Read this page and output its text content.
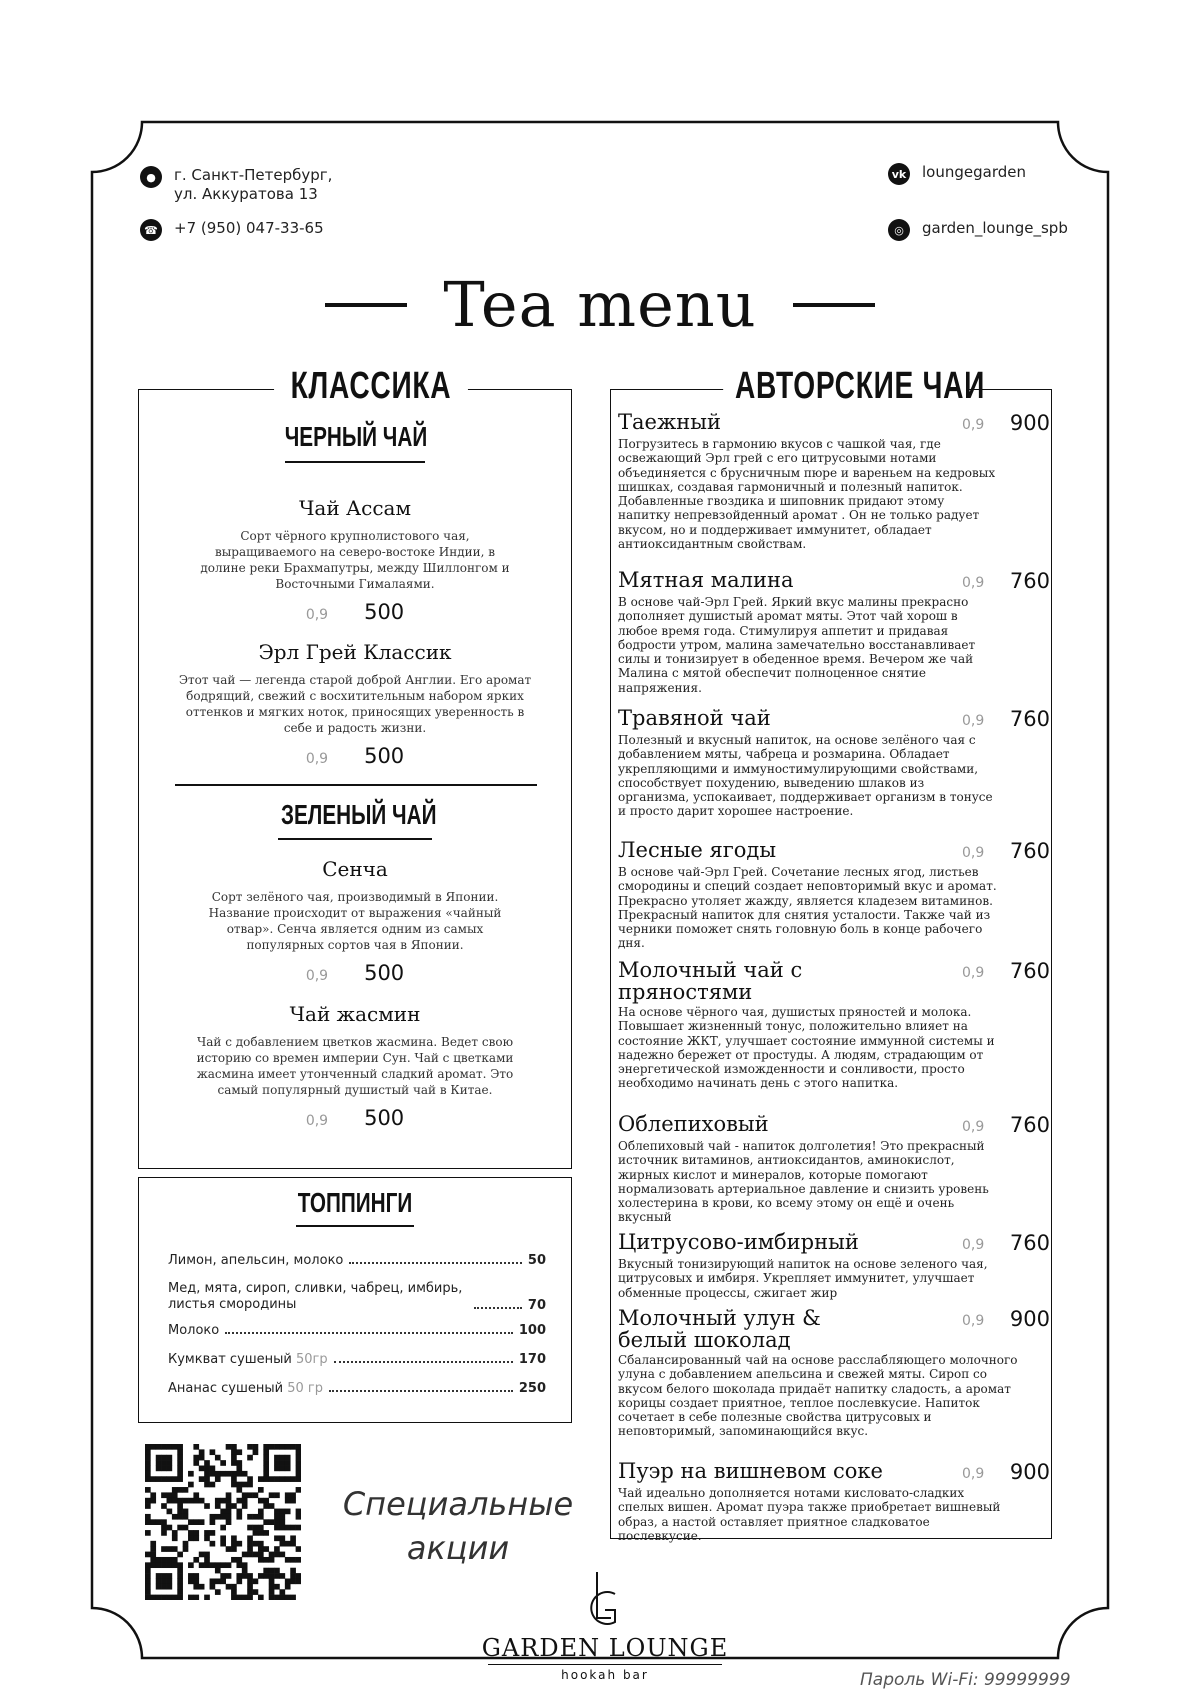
●	г. Санкт-Петербург,
ул. Аккуратова 13
☎ +7 (950) 047-33-65
vk loungegarden
◎	garden_lounge_spb
Tea menu
КЛАССИКА
ЧЕРНЫЙ ЧАЙ
Чай Ассам
Сорт чёрного крупнолистового чая, выращиваемого на северо-востоке Индии, в долине реки Брахмапутры, между Шиллонгом и Восточными Гималаями.
0,9 500
Эрл Грей Классик
Этот чай — легенда старой доброй Англии. Его аромат бодрящий, свежий с восхитительным набором ярких оттенков и мягких ноток, приносящих уверенность в себе и радость жизни.
0,9 500
ЗЕЛЕНЫЙ ЧАЙ
Сенча
Сорт зелёного чая, производимый в Японии. Название происходит от выражения «чайный отвар». Сенча является одним из самых популярных сортов чая в Японии.
0,9 500
Чай жасмин
Чай с добавлением цветков жасмина. Ведет свою историю со времен империи Сун. Чай с цветками жасмина имеет утонченный сладкий аромат. Это самый популярный душистый чай в Китае.
0,9 500
ТОППИНГИ
Лимон, апельсин, молоко	50
Мед, мята, сироп, сливки, чабрец, имбирь, листья смородины	70
Молоко	100
Кумкват сушеный 50гр	170
Ананас сушеный 50 гр	250
АВТОРСКИЕ ЧАИ
Таежный	0,9	900
Погрузитесь в гармонию вкусов с чашкой чая, где освежающий Эрл грей с его цитрусовыми нотами объединяется с брусничным пюре и вареньем на кедровых шишках, создавая гармоничный и полезный напиток. Добавленные гвоздика и шиповник придают этому напитку непревзойденный аромат . Он не только радует вкусом, но и поддерживает иммунитет, обладает антиоксидантным свойствам.
Мятная малина	0,9	760
В основе чай-Эрл Грей. Яркий вкус малины прекрасно дополняет душистый аромат мяты. Этот чай хорош в любое время года. Стимулируя аппетит и придавая бодрости утром, малина замечательно восстанавливает силы и тонизирует в обеденное время. Вечером же чай Малина с мятой обеспечит полноценное снятие напряжения.
Травяной чай	0,9	760
Полезный и вкусный напиток, на основе зелёного чая с добавлением мяты, чабреца и розмарина. Обладает укрепляющими и иммуностимулирующими свойствами, способствует похудению, выведению шлаков из организма, успокаивает, поддерживает организм в тонусе и просто дарит хорошее настроение.
Лесные ягоды	0,9	760
В основе чай-Эрл Грей. Сочетание лесных ягод, листьев смородины и специй создает неповторимый вкус и аромат. Прекрасно утоляет жажду, является кладезем витаминов. Прекрасный напиток для снятия усталости. Также чай из черники поможет снять головную боль в конце рабочего дня.
Молочный чай с пряностями
0,9	760
На основе чёрного чая, душистых пряностей и молока. Повышает жизненный тонус, положительно влияет на состояние ЖКТ, улучшает состояние иммунной системы и надежно бережет от простуды. А людям, страдающим от энергетической изможденности и сонливости, просто необходимо начинать день с этого напитка.
Облепиховый	0,9	760
Облепиховый чай - напиток долголетия! Это прекрасный источник витаминов, антиоксидантов, аминокислот, жирных кислот и минералов, которые помогают нормализовать артериальное давление и снизить уровень холестерина в крови, ко всему этому он ещё и очень вкусный
Цитрусово-имбирный	0,9	760
Вкусный тонизирующий напиток на основе зеленого чая, цитрусовых и имбиря. Укрепляет иммунитет, улучшает обменные процессы, сжигает жир
Молочный улун & белый шоколад
0,9	900
Сбалансированный чай на основе расслабляющего молочного улуна с добавлением апельсина и свежей мяты. Сироп со вкусом белого шоколада придаёт напитку сладость, а аромат корицы создает приятное, теплое послевкусие. Напиток сочетает в себе полезные свойства цитрусовых и неповторимый, запоминающийся вкус.
Пуэр на вишневом соке	0,9	900
Чай идеально дополняется нотами кисловато-сладких спелых вишен. Аромат пуэра также приобретает вишневый образ, а настой оставляет приятное сладковатое послевкусие.
Специальные
акции
GARDEN LOUNGE
hookah bar	Пароль Wi-Fi: 99999999
